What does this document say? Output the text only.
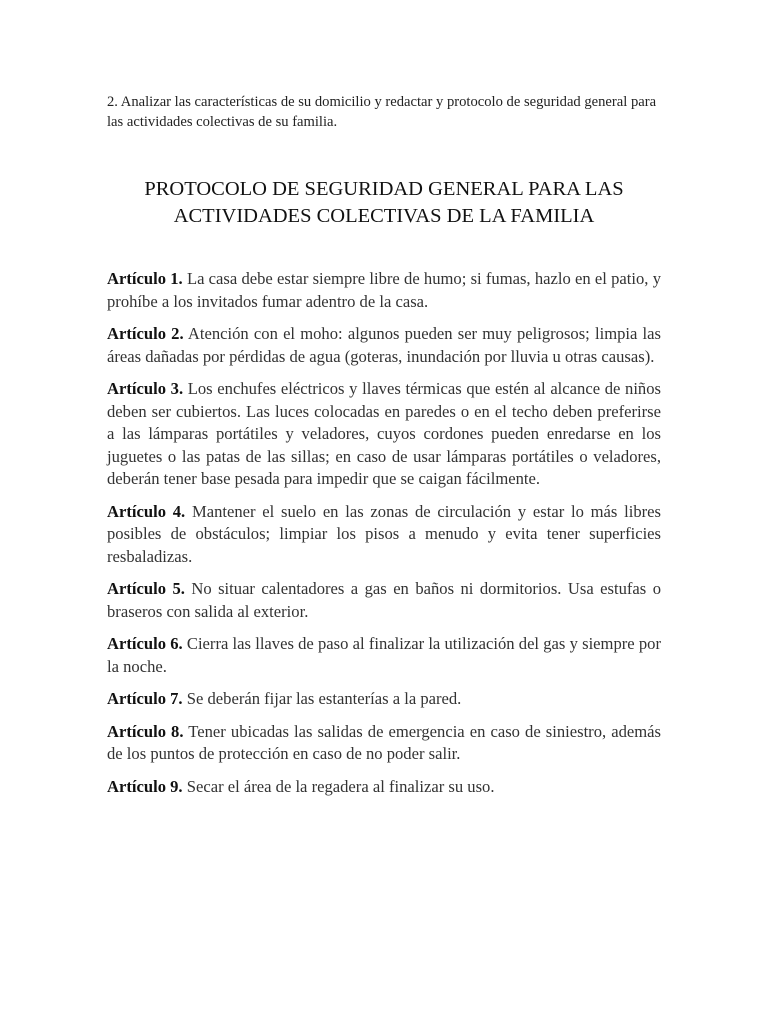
2. Analizar las características de su domicilio y redactar y protocolo de seguridad general para las actividades colectivas de su familia.

PROTOCOLO DE SEGURIDAD GENERAL PARA LAS
ACTIVIDADES COLECTIVAS DE LA FAMILIA

Artículo 1. La casa debe estar siempre libre de humo; si fumas, hazlo en el patio, y prohíbe a los invitados fumar adentro de la casa.

Artículo 2. Atención con el moho: algunos pueden ser muy peligrosos; limpia las áreas dañadas por pérdidas de agua (goteras, inundación por lluvia u otras causas).

Artículo 3. Los enchufes eléctricos y llaves térmicas que estén al alcance de niños deben ser cubiertos. Las luces colocadas en paredes o en el techo deben preferirse a las lámparas portátiles y veladores, cuyos cordones pueden enredarse en los juguetes o las patas de las sillas; en caso de usar lámparas portátiles o veladores, deberán tener base pesada para impedir que se caigan fácilmente.

Artículo 4. Mantener el suelo en las zonas de circulación y estar lo más libres posibles de obstáculos; limpiar los pisos a menudo y evita tener superficies resbaladizas.

Artículo 5. No situar calentadores a gas en baños ni dormitorios. Usa estufas o braseros con salida al exterior.

Artículo 6. Cierra las llaves de paso al finalizar la utilización del gas y siempre por la noche.

Artículo 7. Se deberán fijar las estanterías a la pared.

Artículo 8. Tener ubicadas las salidas de emergencia en caso de siniestro, además de los puntos de protección en caso de no poder salir.

Artículo 9. Secar el área de la regadera al finalizar su uso.
